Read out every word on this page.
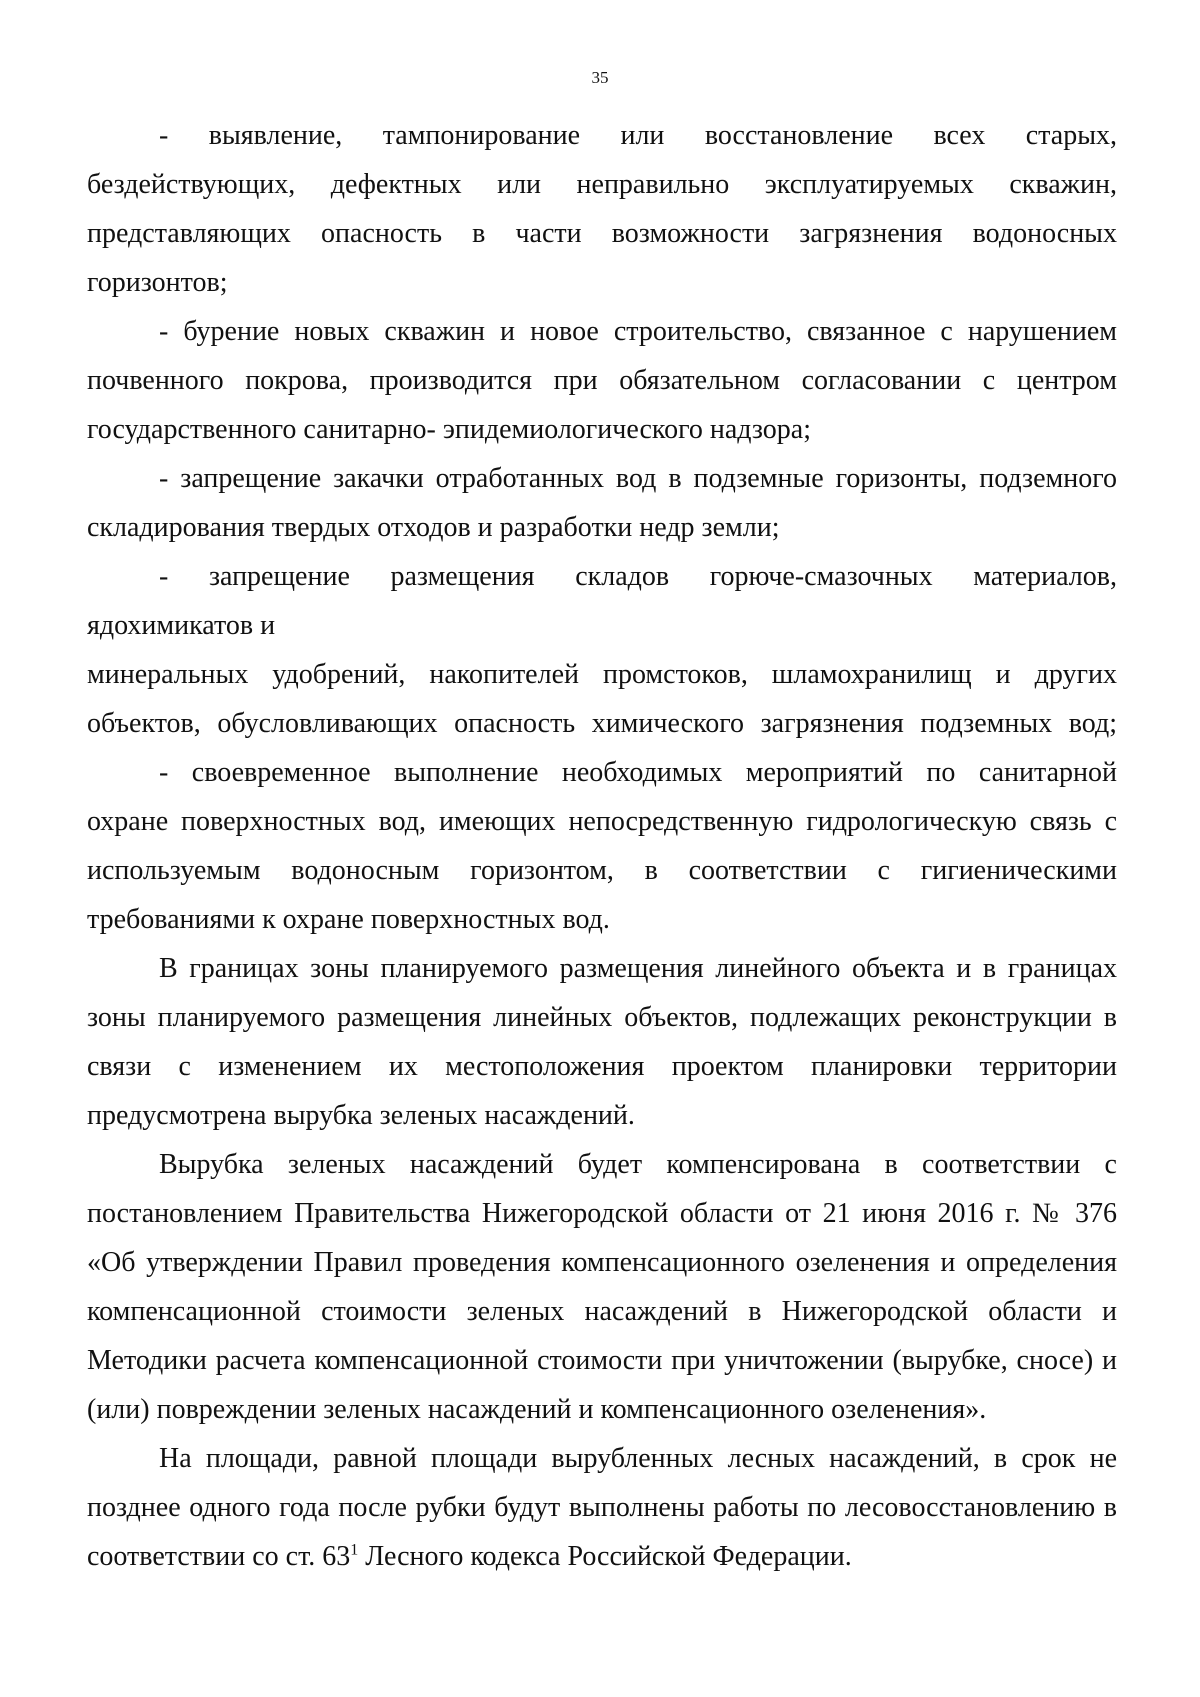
35

- выявление, тампонирование или восстановление всех старых,

бездействующих, дефектных или неправильно эксплуатируемых скважин,

представляющих опасность в части возможности загрязнения водоносных

горизонтов;

- бурение новых скважин и новое строительство, связанное с нарушением

почвенного покрова, производится при обязательном согласовании с центром

государственного санитарно- эпидемиологического надзора;

- запрещение закачки отработанных вод в подземные горизонты, подземного

складирования твердых отходов и разработки недр земли;

- запрещение размещения складов горюче-смазочных материалов,

ядохимикатов и

минеральных удобрений, накопителей промстоков, шламохранилищ и других

объектов, обусловливающих опасность химического загрязнения подземных вод;

- своевременное выполнение необходимых мероприятий по санитарной

охране поверхностных вод, имеющих непосредственную гидрологическую связь с

используемым водоносным горизонтом, в соответствии с гигиеническими

требованиями к охране поверхностных вод.

В границах зоны планируемого размещения линейного объекта и в границах

зоны планируемого размещения линейных объектов, подлежащих реконструкции в

связи с изменением их местоположения проектом планировки территории

предусмотрена вырубка зеленых насаждений.

Вырубка зеленых насаждений будет компенсирована в соответствии с

постановлением Правительства Нижегородской области от 21 июня 2016 г. № 376

«Об утверждении Правил проведения компенсационного озеленения и определения

компенсационной стоимости зеленых насаждений в Нижегородской области и

Методики расчета компенсационной стоимости при уничтожении (вырубке, сносе) и

(или) повреждении зеленых насаждений и компенсационного озеленения».

На площади, равной площади вырубленных лесных насаждений, в срок не

позднее одного года после рубки будут выполнены работы по лесовосстановлению в

соответствии со ст. $63^1$ Лесного кодекса Российской Федерации.
